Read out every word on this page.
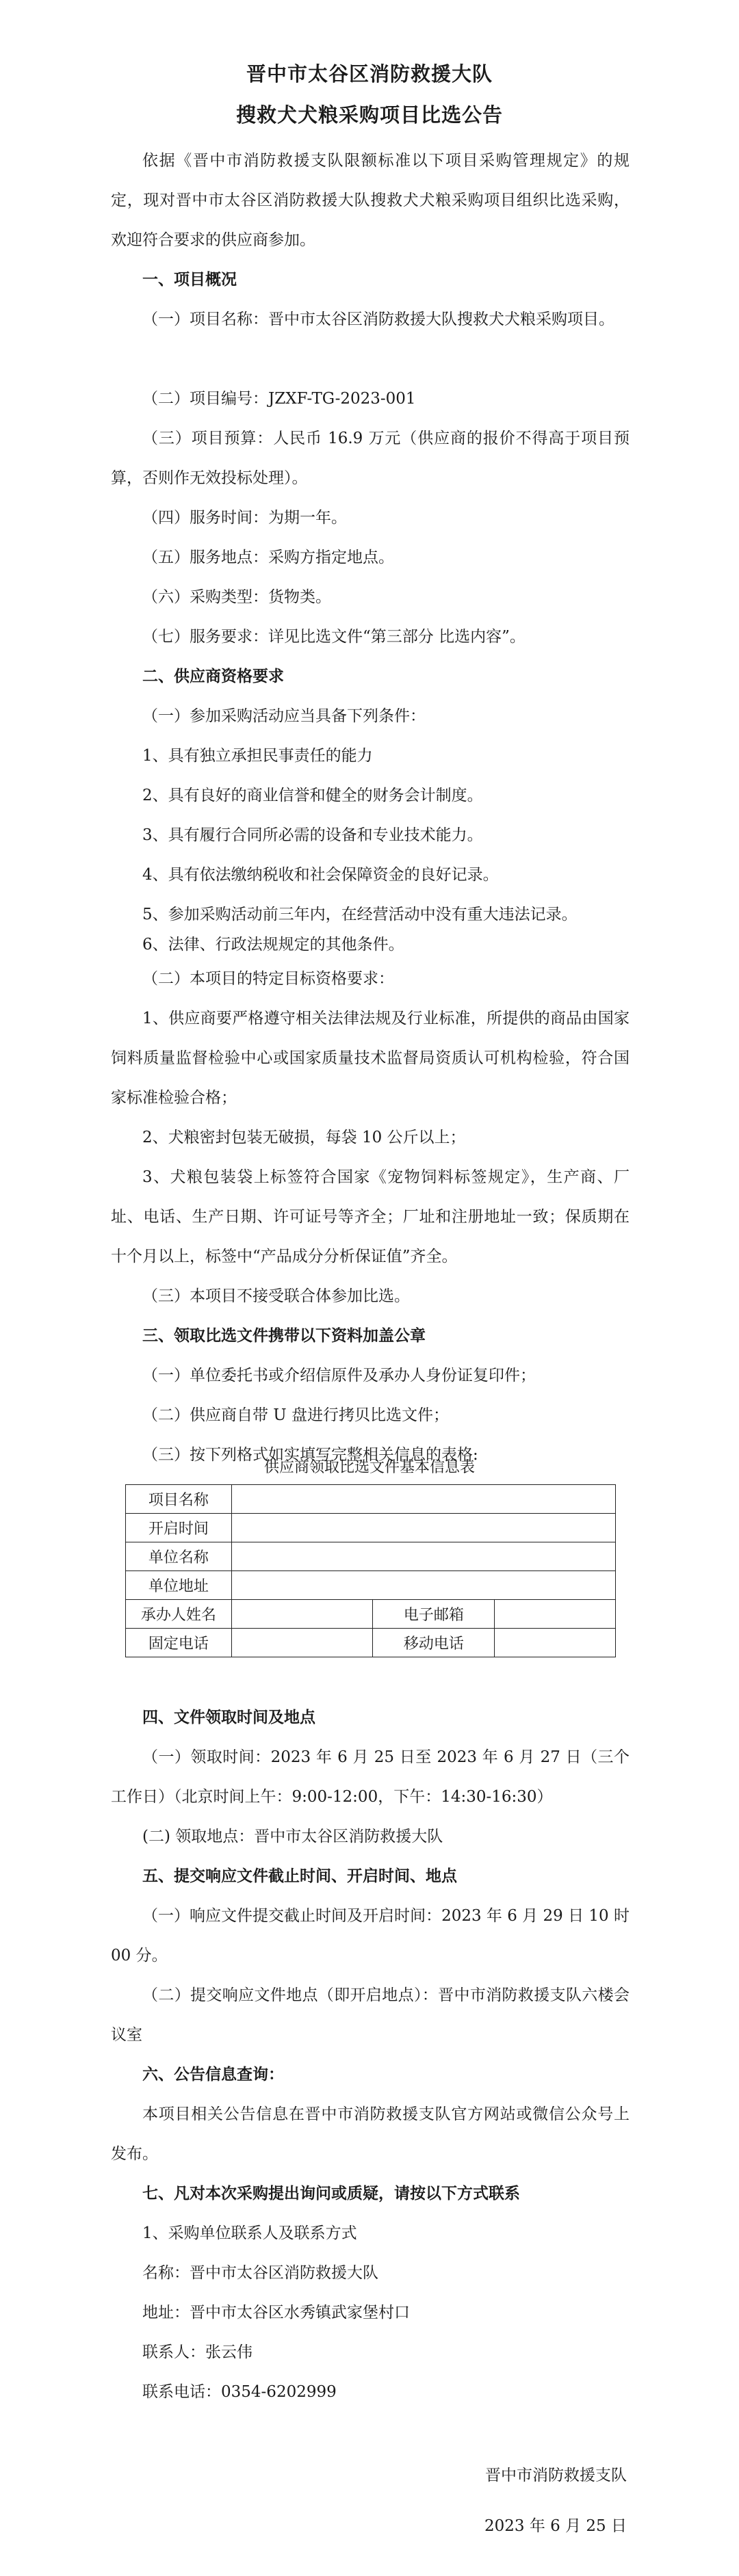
晋中市太谷区消防救援大队
搜救犬犬粮采购项目比选公告
依据《晋中市消防救援支队限额标准以下项目采购管理规定》的规定，现对晋中市太谷区消防救援大队搜救犬犬粮采购项目组织比选采购，欢迎符合要求的供应商参加。
一、项目概况
（一）项目名称：晋中市太谷区消防救援大队搜救犬犬粮采购项目。
（二）项目编号：JZXF-TG-2023-001
（三）项目预算：人民币 16.9 万元（供应商的报价不得高于项目预算，否则作无效投标处理）。
（四）服务时间：为期一年。
（五）服务地点：采购方指定地点。
（六）采购类型：货物类。
（七）服务要求：详见比选文件“第三部分 比选内容”。
二、供应商资格要求
（一）参加采购活动应当具备下列条件：
1、具有独立承担民事责任的能力
2、具有良好的商业信誉和健全的财务会计制度。
3、具有履行合同所必需的设备和专业技术能力。
4、具有依法缴纳税收和社会保障资金的良好记录。
5、参加采购活动前三年内，在经营活动中没有重大违法记录。
6、法律、行政法规规定的其他条件。
（二）本项目的特定目标资格要求：
1、供应商要严格遵守相关法律法规及行业标准，所提供的商品由国家饲料质量监督检验中心或国家质量技术监督局资质认可机构检验，符合国家标准检验合格；
2、犬粮密封包装无破损，每袋 10 公斤以上；
3、犬粮包装袋上标签符合国家《宠物饲料标签规定》，生产商、厂址、电话、生产日期、许可证号等齐全；厂址和注册地址一致；保质期在十个月以上，标签中“产品成分分析保证值”齐全。
（三）本项目不接受联合体参加比选。
三、领取比选文件携带以下资料加盖公章
（一）单位委托书或介绍信原件及承办人身份证复印件；
（二）供应商自带 U 盘进行拷贝比选文件；
（三）按下列格式如实填写完整相关信息的表格:
供应商领取比选文件基本信息表
项目名称			
开启时间			
单位名称			
单位地址			
承办人姓名		电子邮箱	
固定电话		移动电话	
四、文件领取时间及地点
（一）领取时间：2023 年 6 月 25 日至 2023 年 6 月 27 日（三个工作日）（北京时间上午：9:00-12:00，下午：14:30-16:30）
(二) 领取地点：晋中市太谷区消防救援大队
五、提交响应文件截止时间、开启时间、地点
（一）响应文件提交截止时间及开启时间：2023 年 6 月 29 日 10 时 00 分。
（二）提交响应文件地点（即开启地点）：晋中市消防救援支队六楼会议室
六、公告信息查询：
本项目相关公告信息在晋中市消防救援支队官方网站或微信公众号上发布。
七、凡对本次采购提出询问或质疑，请按以下方式联系
1、采购单位联系人及联系方式
名称：晋中市太谷区消防救援大队
地址：晋中市太谷区水秀镇武家堡村口
联系人：张云伟
联系电话：0354-6202999
晋中市消防救援支队
2023 年 6 月 25 日
